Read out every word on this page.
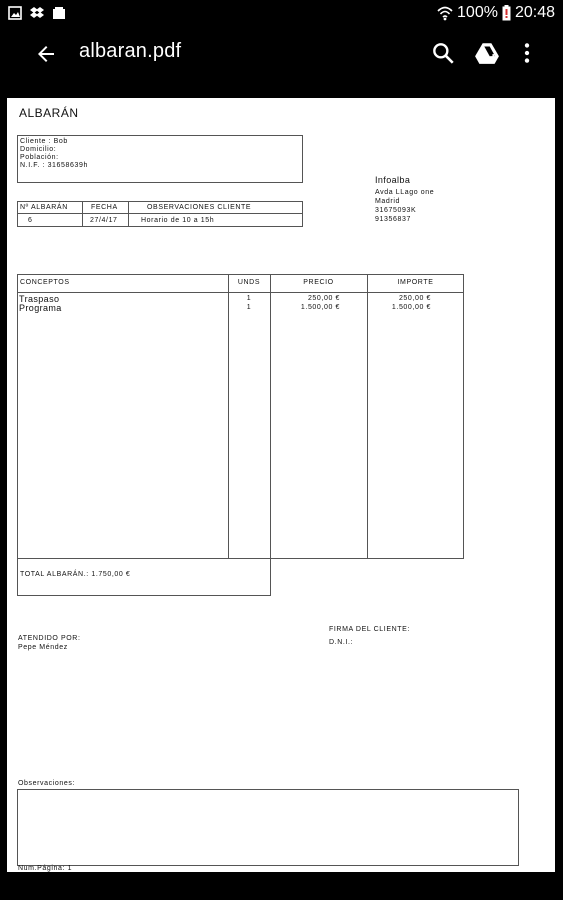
100% 20:48
albaran.pdf
ALBARÁN
Cliente : Bob
Domicilio:
Población:
N.I.F. : 31658639h
Infoalba
Avda LLago one
Madrid
31675093K
91356837
Nº ALBARÁN	FECHA	OBSERVACIONES CLIENTE
6	27/4/17	Horario de 10 a 15h
CONCEPTOS	UNDS	PRECIO	IMPORTE
Traspaso	1	250,00 €	250,00 €
Programa	1	1.500,00 €	1.500,00 €
TOTAL ALBARÁN.: 1.750,00 €
ATENDIDO POR:
Pepe Méndez
FIRMA DEL CLIENTE:
D.N.I.:
Observaciones:
Num.Página: 1
